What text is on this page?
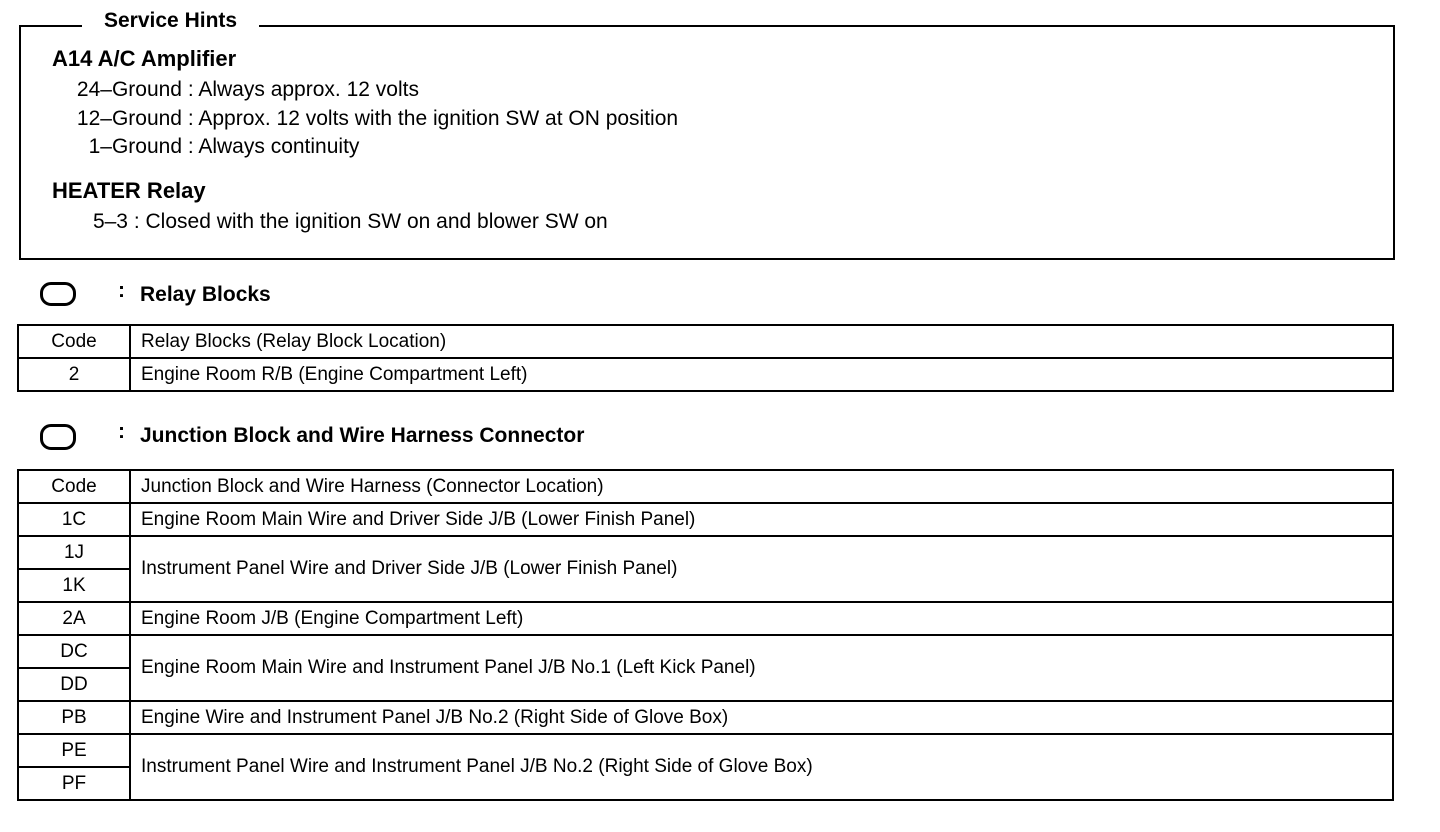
Service Hints
A14 A/C Amplifier
24–Ground : Always approx. 12 volts
12–Ground : Approx. 12 volts with the ignition SW at ON position
1–Ground : Always continuity
HEATER Relay
5–3 : Closed with the ignition SW on and blower SW on
: Relay Blocks
Code	Relay Blocks (Relay Block Location)
2	Engine Room R/B (Engine Compartment Left)
: Junction Block and Wire Harness Connector
Code	Junction Block and Wire Harness (Connector Location)
1C	Engine Room Main Wire and Driver Side J/B (Lower Finish Panel)
1J	Instrument Panel Wire and Driver Side J/B (Lower Finish Panel)
1K	
2A	Engine Room J/B (Engine Compartment Left)
DC	Engine Room Main Wire and Instrument Panel J/B No.1 (Left Kick Panel)
DD	
PB	Engine Wire and Instrument Panel J/B No.2 (Right Side of Glove Box)
PE	Instrument Panel Wire and Instrument Panel J/B No.2 (Right Side of Glove Box)
PF	
